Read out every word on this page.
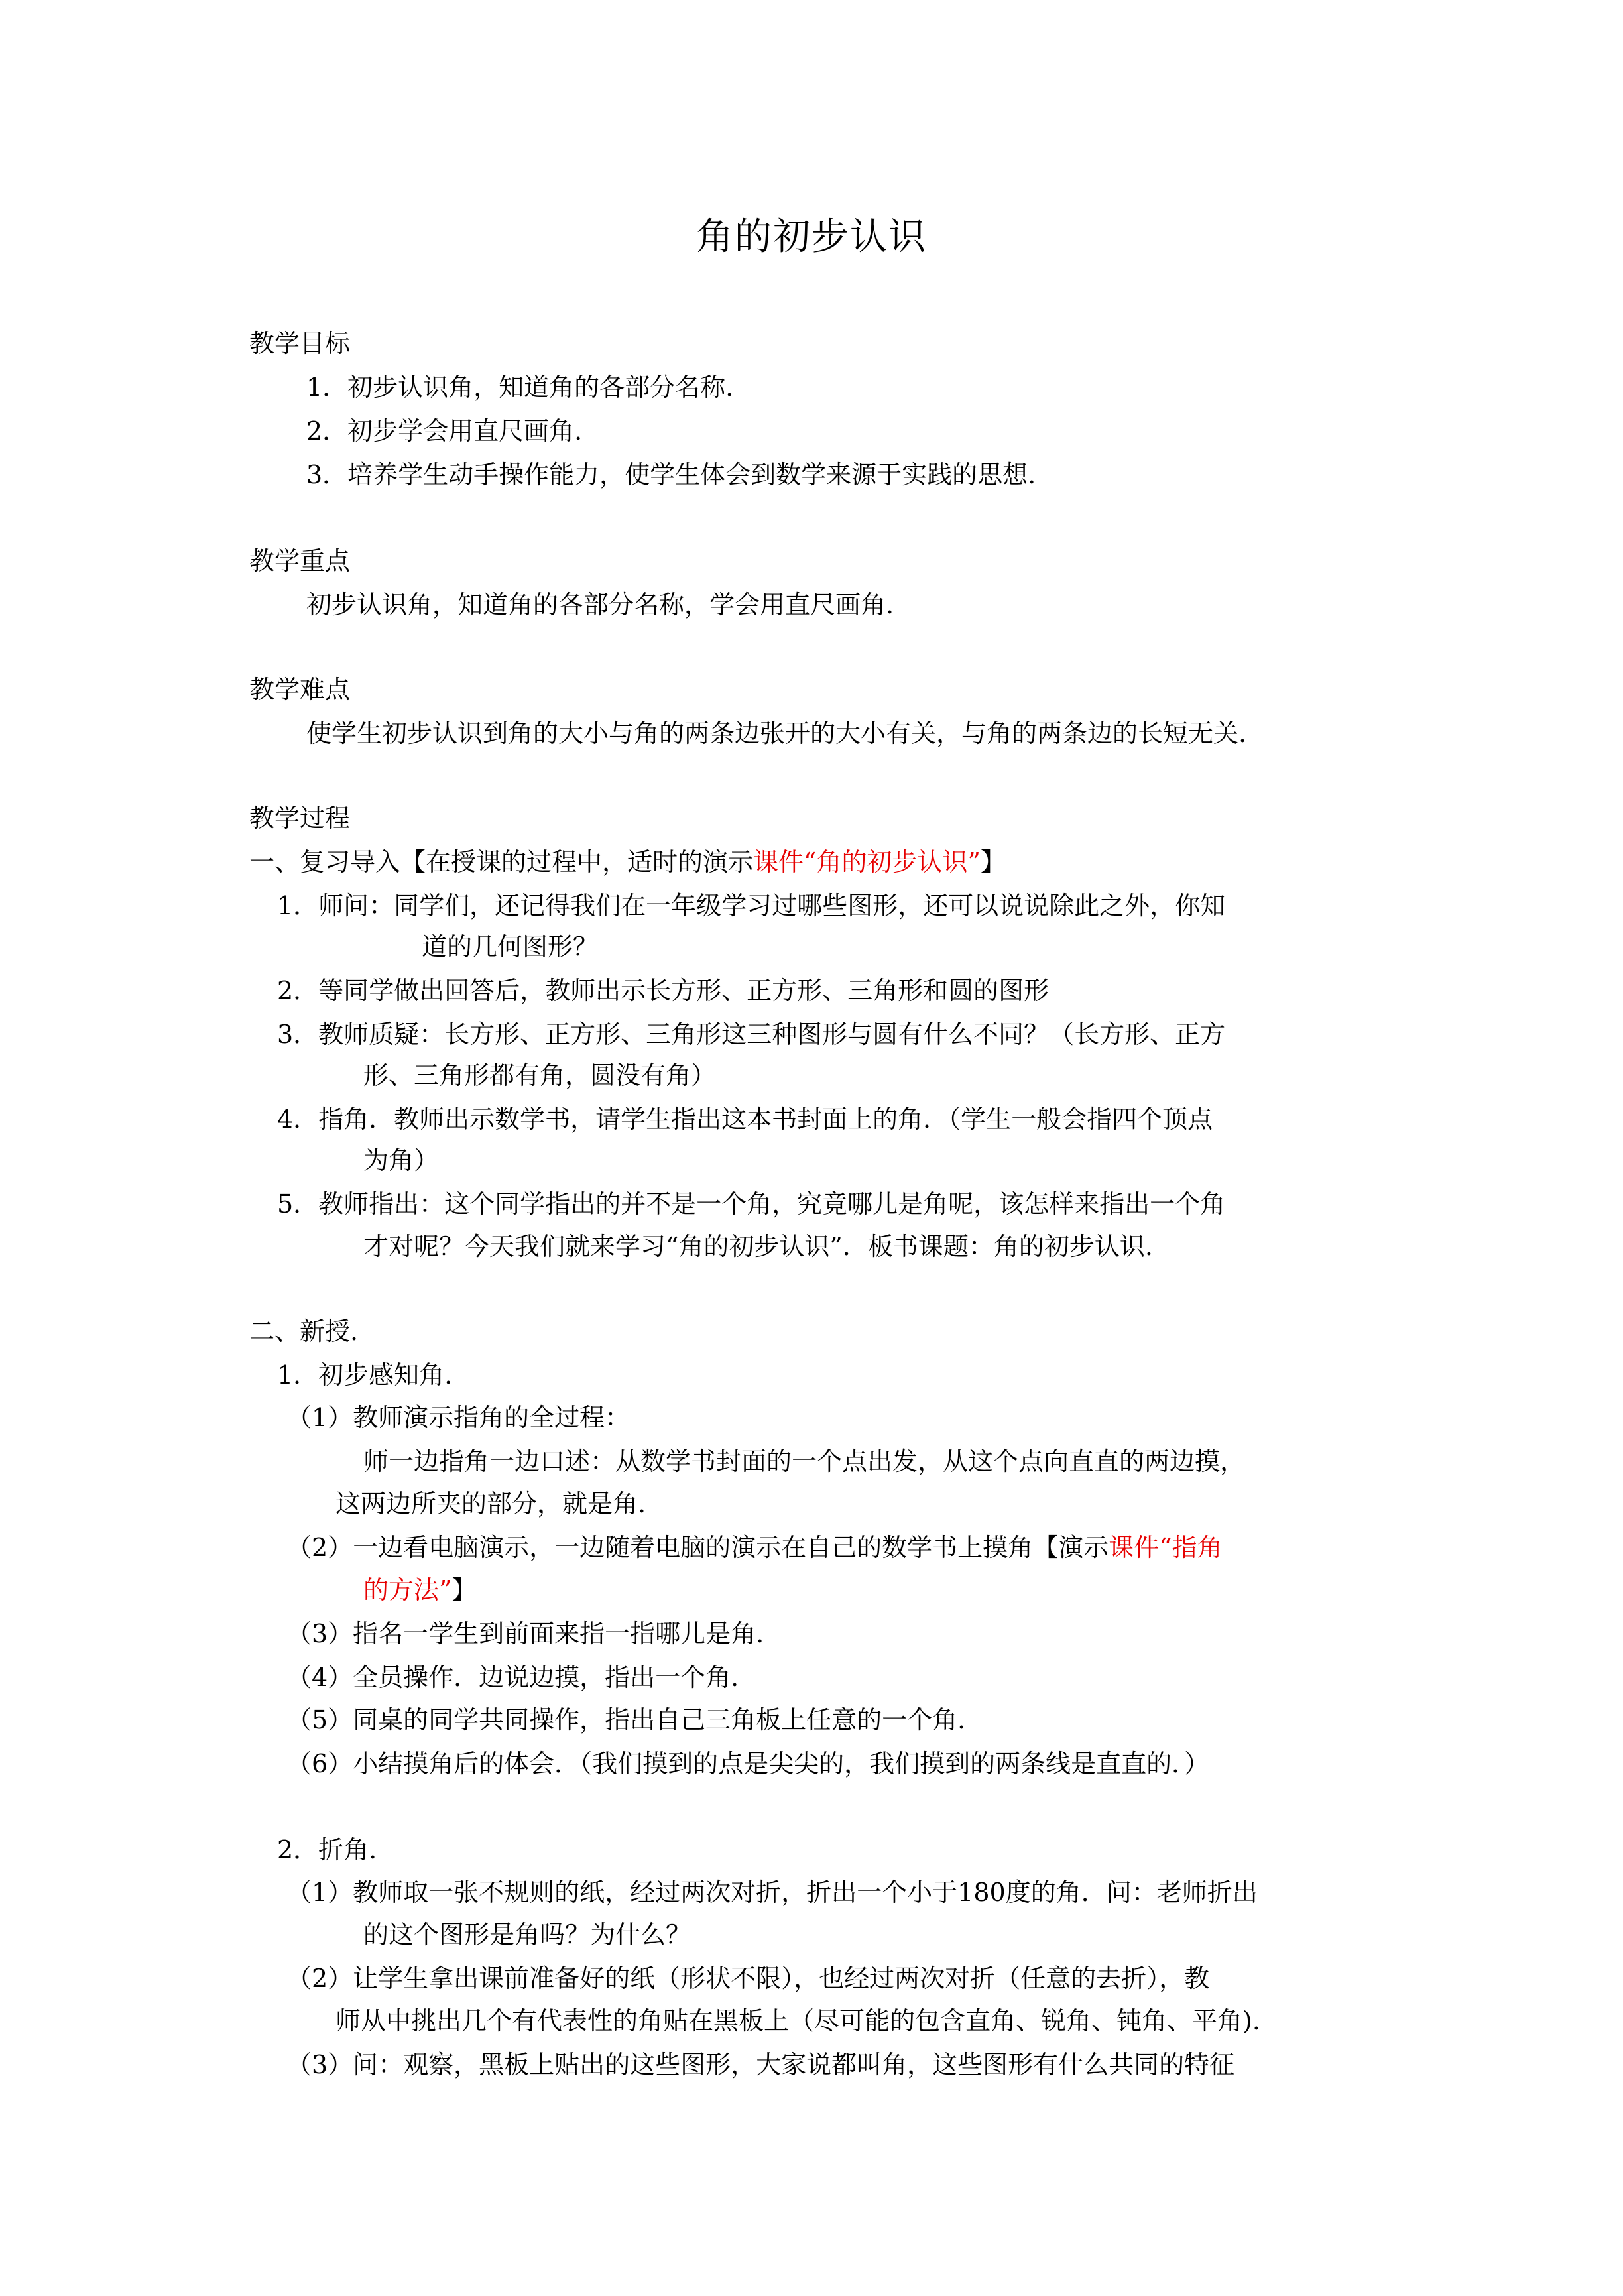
角的初步认识
教学目标
1．初步认识角，知道角的各部分名称.
2．初步学会用直尺画角.
3．培养学生动手操作能力，使学生体会到数学来源于实践的思想.
教学重点
初步认识角，知道角的各部分名称，学会用直尺画角.
教学难点
使学生初步认识到角的大小与角的两条边张开的大小有关，与角的两条边的长短无关.
教学过程
一、复习导入【在授课的过程中，适时的演示课件“角的初步认识”】
1．师问：同学们，还记得我们在一年级学习过哪些图形，还可以说说除此之外，你知
道的几何图形？
2．等同学做出回答后，教师出示长方形、正方形、三角形和圆的图形
3．教师质疑：长方形、正方形、三角形这三种图形与圆有什么不同？（长方形、正方
形、三角形都有角，圆没有角）
4．指角．教师出示数学书，请学生指出这本书封面上的角．（学生一般会指四个顶点
为角）
5．教师指出：这个同学指出的并不是一个角，究竟哪儿是角呢，该怎样来指出一个角
才对呢？今天我们就来学习“角的初步认识”．板书课题：角的初步认识.
二、新授.
1．初步感知角.
（1）教师演示指角的全过程：
师一边指角一边口述：从数学书封面的一个点出发，从这个点向直直的两边摸，
这两边所夹的部分，就是角.
（2）一边看电脑演示，一边随着电脑的演示在自己的数学书上摸角【演示课件“指角
的方法”】
（3）指名一学生到前面来指一指哪儿是角.
（4）全员操作．边说边摸，指出一个角.
（5）同桌的同学共同操作，指出自己三角板上任意的一个角.
（6）小结摸角后的体会．（我们摸到的点是尖尖的，我们摸到的两条线是直直的．）
2．折角.
（1）教师取一张不规则的纸，经过两次对折，折出一个小于180度的角．问：老师折出
的这个图形是角吗？为什么？
（2）让学生拿出课前准备好的纸（形状不限），也经过两次对折（任意的去折），教
师从中挑出几个有代表性的角贴在黑板上（尽可能的包含直角、锐角、钝角、平角).
（3）问：观察，黑板上贴出的这些图形，大家说都叫角，这些图形有什么共同的特征
